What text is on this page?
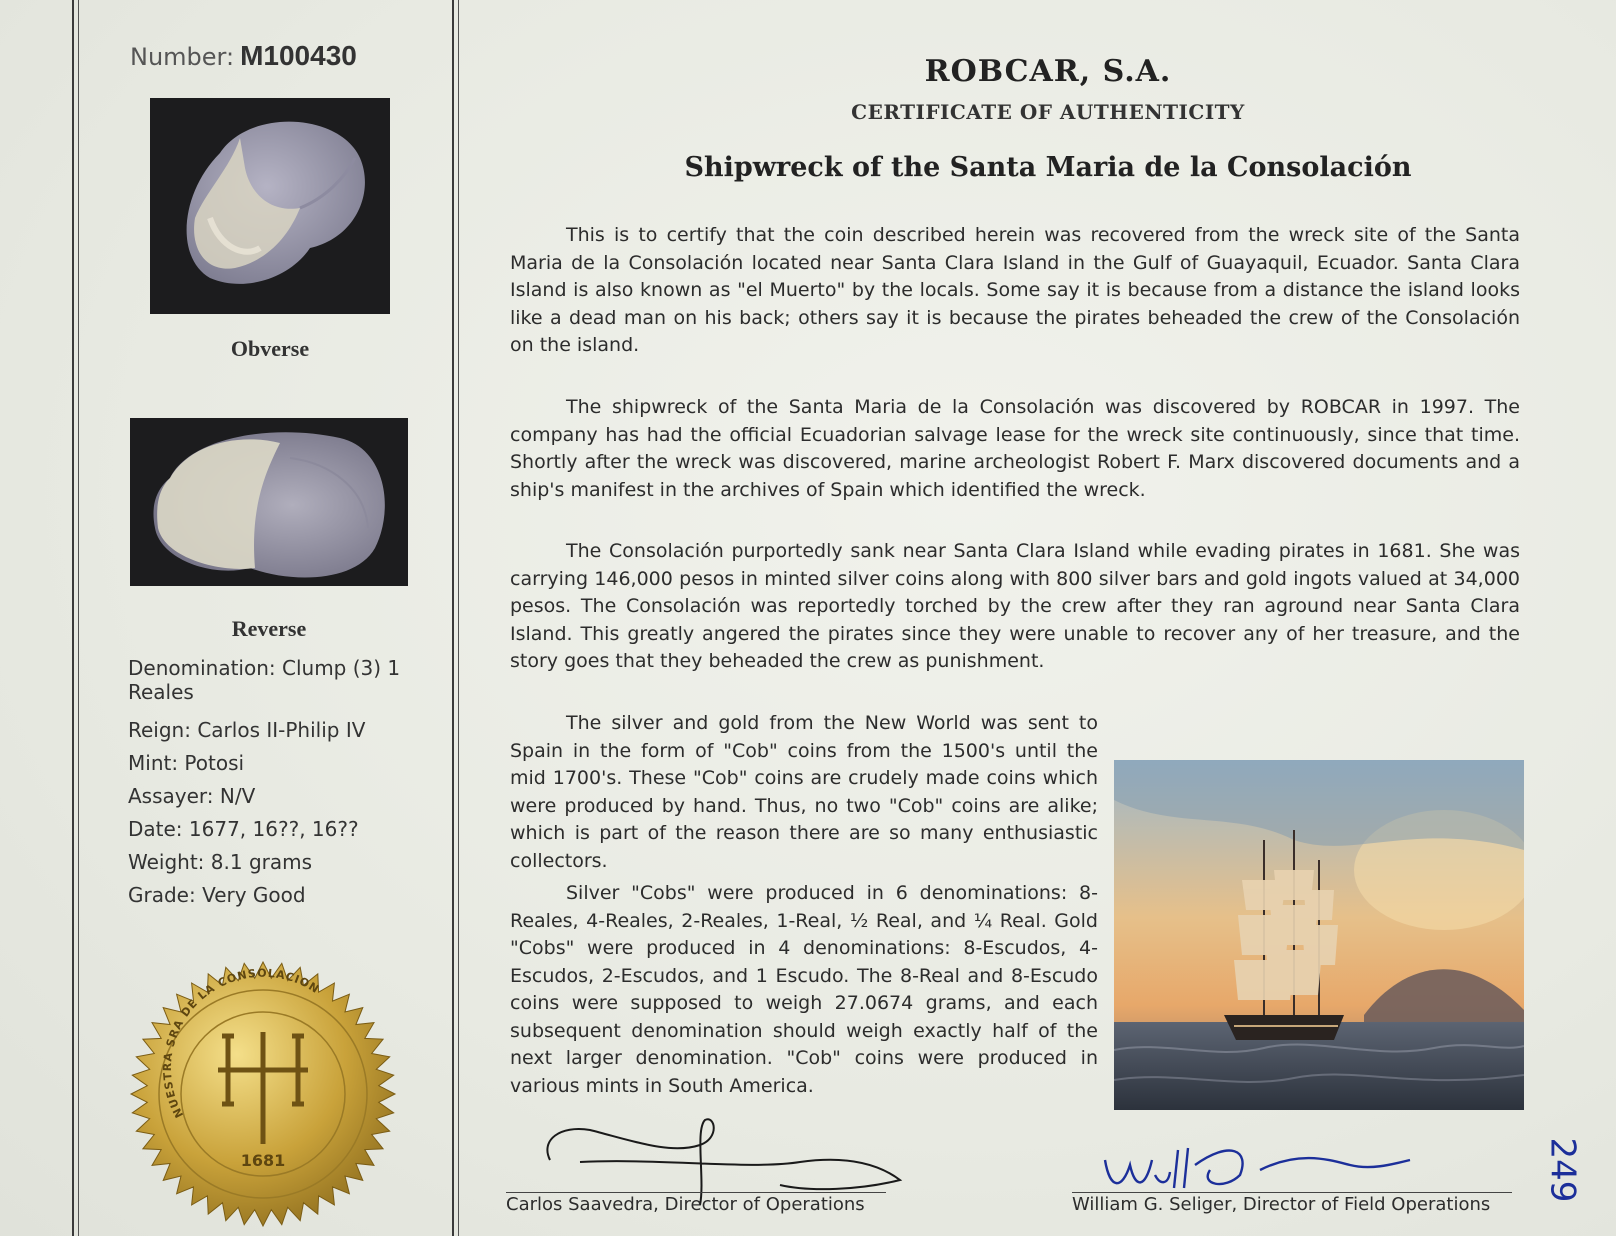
Number: M100430
Obverse
Reverse
Denomination: Clump (3) 1 Reales
Reign: Carlos II-Philip IV
Mint: Potosi
Assayer: N/V
Date: 1677, 16??, 16??
Weight: 8.1 grams
Grade: Very Good
NUESTRA SRA DE LA CONSOLACION
1681
ROBCAR, S.A.
CERTIFICATE OF AUTHENTICITY
Shipwreck of the Santa Maria de la Consolación
This is to certify that the coin described herein was recovered from the wreck site of the Santa Maria de la Consolación located near Santa Clara Island in the Gulf of Guayaquil, Ecuador. Santa Clara Island is also known as "el Muerto" by the locals. Some say it is because from a distance the island looks like a dead man on his back; others say it is because the pirates beheaded the crew of the Consolación on the island.
The shipwreck of the Santa Maria de la Consolación was discovered by ROBCAR in 1997. The company has had the official Ecuadorian salvage lease for the wreck site continuously, since that time. Shortly after the wreck was discovered, marine archeologist Robert F. Marx discovered documents and a ship's manifest in the archives of Spain which identified the wreck.
The Consolación purportedly sank near Santa Clara Island while evading pirates in 1681. She was carrying 146,000 pesos in minted silver coins along with 800 silver bars and gold ingots valued at 34,000 pesos. The Consolación was reportedly torched by the crew after they ran aground near Santa Clara Island. This greatly angered the pirates since they were unable to recover any of her treasure, and the story goes that they beheaded the crew as punishment.
The silver and gold from the New World was sent to Spain in the form of "Cob" coins from the 1500's until the mid 1700's. These "Cob" coins are crudely made coins which were produced by hand. Thus, no two "Cob" coins are alike; which is part of the reason there are so many enthusiastic collectors.
Silver "Cobs" were produced in 6 denominations: 8-Reales, 4-Reales, 2-Reales, 1-Real, ½ Real, and ¼ Real. Gold "Cobs" were produced in 4 denominations: 8-Escudos, 4-Escudos, 2-Escudos, and 1 Escudo. The 8-Real and 8-Escudo coins were supposed to weigh 27.0674 grams, and each subsequent denomination should weigh exactly half of the next larger denomination. "Cob" coins were produced in various mints in South America.
Carlos Saavedra, Director of Operations	William G. Seliger, Director of Field Operations
249
